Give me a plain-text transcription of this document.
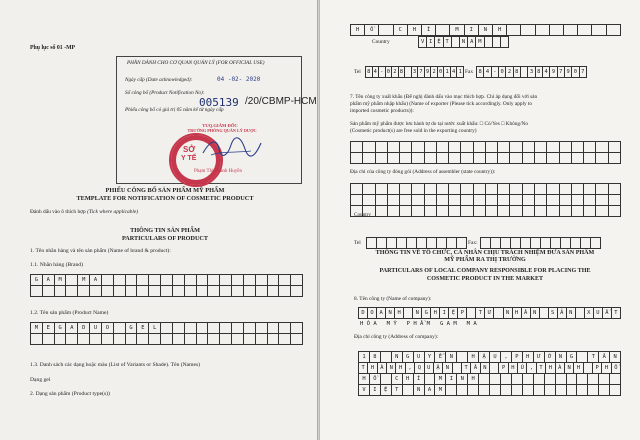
Phụ lục số 01 -MP
PHẦN DÀNH CHO CƠ QUAN QUẢN LÝ (FOR OFFICIAL USE)
Ngày cấp (Date acknowledged):	04 -02- 2020
Số công bố (Product Notification No):
005139 /20/CBMP-HCM
Phiếu công bố có giá trị 05 năm kể từ ngày cấp
TUQ.GIÁM ĐỐC
TRƯỞNG PHÒNG QUẢN LÝ DƯỢC
SỞ
Y TẾ
Phạm Thị Thanh Huyền
PHIẾU CÔNG BỐ SẢN PHẨM MỸ PHẨM
TEMPLATE FOR NOTIFICATION OF COSMETIC PRODUCT
Đánh dấu vào ô thích hợp (Tick where applicable)
THÔNG TIN SẢN PHẨM
PARTICULARS OF PRODUCT
1. Tên nhãn hàng và tên sản phẩm (Name of brand & product):
1.1. Nhãn hàng (Brand)
G	A	M	M	A
1.2. Tên sản phẩm (Product Name)
M	E	G	A	D	U	O	G	E	L
1.3. Danh sách các dạng hoặc màu (List of Variants or Shade). Tên (Names)
Dạng gel
2. Dạng sản phẩm (Product type(s))
H	Ồ	C	H	Í	M	I	N	H
Country	V I Ệ T	N A M
Tel 8 4 - 0 2 8	3 7 9 2 0 1 4 1 Fax 8 4 - 0 2 8	3 8 4 9 7 9 0 7
7. Tên công ty xuất khẩu (Để nghị đánh dấu vào mục thích hợp. Chỉ áp dụng đối với sản
phẩm mỹ phẩm nhập khẩu) (Name of exporter (Please tick accordingly. Only apply to
imported cosmetic products)):
Sản phẩm mỹ phẩm được lưu hành tự do tại nước xuất khẩu: □ Có/Yes □ Không/No
(Cosmetic product(s) are free sold in the exporting country)
Địa chỉ của công ty đóng gói (Address of assembler (state country)):
Country
Tel	Fax:
THÔNG TIN VỀ TỔ CHỨC, CÁ NHÂN CHỊU TRÁCH NHIỆM ĐƯA SẢN PHẨM
MỸ PHẨM RA THỊ TRƯỜNG
PARTICULARS OF LOCAL COMPANY RESPONSIBLE FOR PLACING THE
COSMETIC PRODUCT IN THE MARKET
8. Tên công ty (Name of company):
D	O	A	N	H	N	G	H	I	Ệ	P	T	Ư	N	H	Â	N	S	Ả	N	X	U	Ấ	T
HÓA MỸ PHẨM GAM MA
Địa chỉ công ty (Address of company):
1	8	N	G	U	Y	Ễ	N	H	Ậ	U	,	P	H	Ư	Ờ	N	G	T	Â	N
T	H	À	N	H	,	Q	U	Ậ	N	T	Â	N	P	H	Ú	,	T	H	À	N	H	P	H	Ố
H	Ồ	C	H	Í	M	I	N	H
V	I	Ệ	T	N	A	M
